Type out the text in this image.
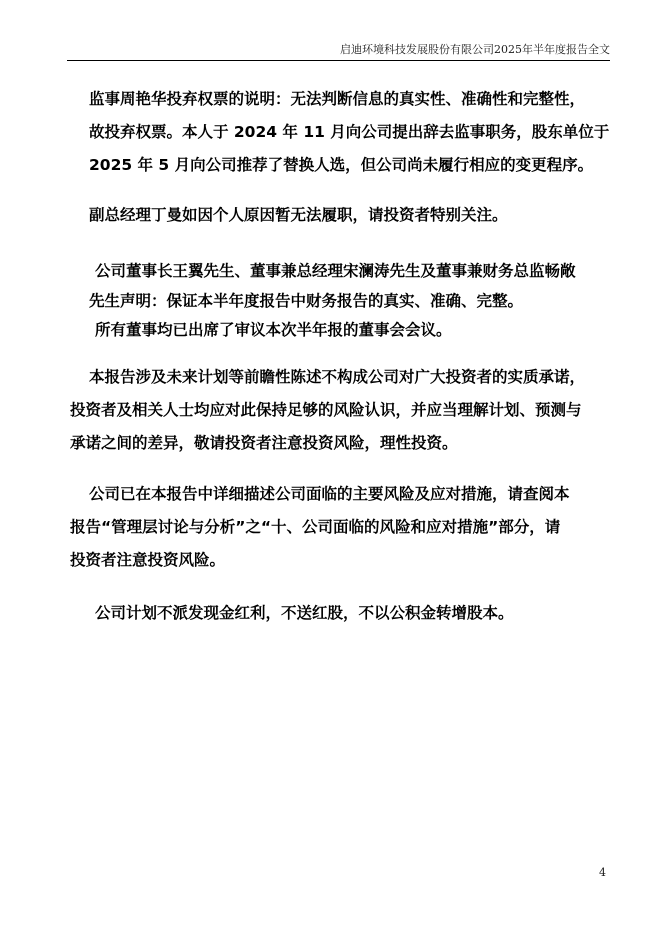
启迪环境科技发展股份有限公司2025年半年度报告全文
监事周艳华投弃权票的说明：无法判断信息的真实性、准确性和完整性，
故投弃权票。本人于 2024 年 11 月向公司提出辞去监事职务，股东单位于
2025 年 5 月向公司推荐了替换人选，但公司尚未履行相应的变更程序。
副总经理丁曼如因个人原因暂无法履职，请投资者特别关注。
公司董事长王翼先生、董事兼总经理宋澜涛先生及董事兼财务总监畅敞
先生声明：保证本半年度报告中财务报告的真实、准确、完整。
所有董事均已出席了审议本次半年报的董事会会议。
本报告涉及未来计划等前瞻性陈述不构成公司对广大投资者的实质承诺，
投资者及相关人士均应对此保持足够的风险认识，并应当理解计划、预测与
承诺之间的差异，敬请投资者注意投资风险，理性投资。
公司已在本报告中详细描述公司面临的主要风险及应对措施，请查阅本
报告“管理层讨论与分析”之“十、公司面临的风险和应对措施”部分，请
投资者注意投资风险。
公司计划不派发现金红利，不送红股，不以公积金转增股本。
4
